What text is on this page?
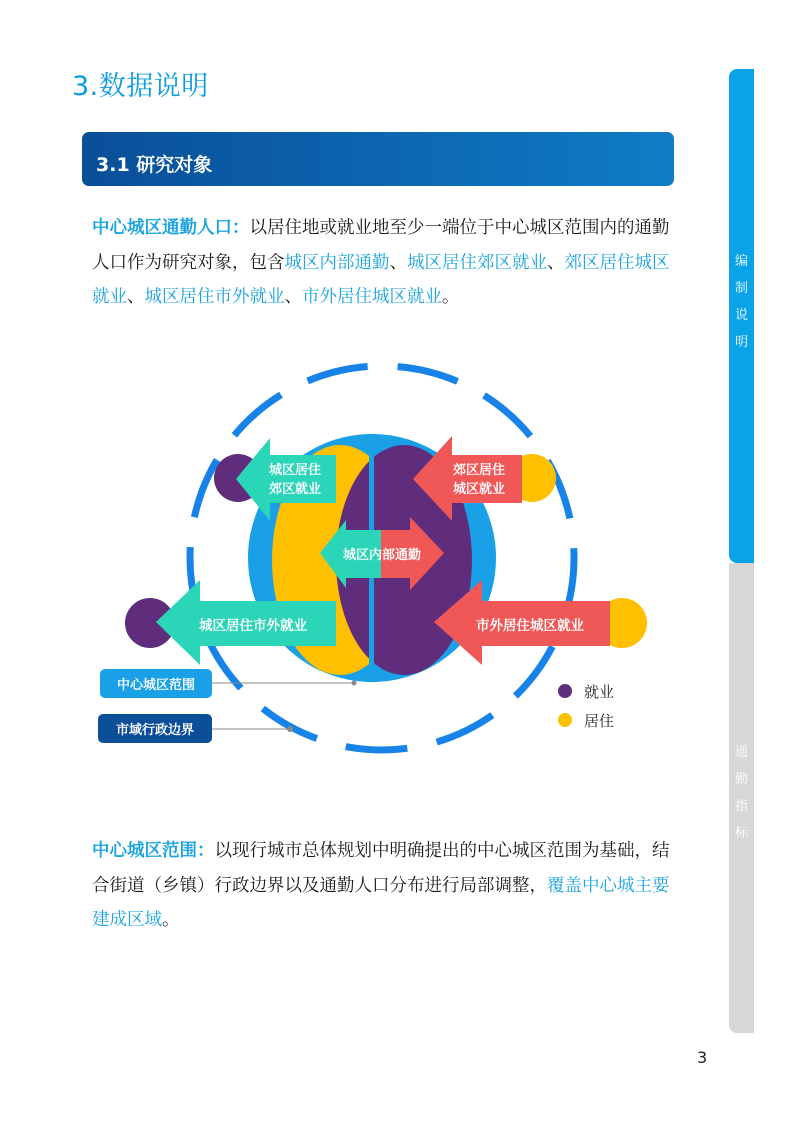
3.数据说明
3.1 研究对象
中心城区通勤人口：以居住地或就业地至少一端位于中心城区范围内的通勤人口作为研究对象，包含城区内部通勤、城区居住郊区就业、郊区居住城区就业、城区居住市外就业、市外居住城区就业。
城区居住
郊区就业
郊区居住
城区就业
城区内部通勤
城区居住市外就业	市外居住城区就业
中心城区范围
市域行政边界
就业
居住
中心城区范围：以现行城市总体规划中明确提出的中心城区范围为基础，结合街道（乡镇）行政边界以及通勤人口分布进行局部调整，覆盖中心城主要建成区域。
编
制
说
明
通
勤
指
标
3
